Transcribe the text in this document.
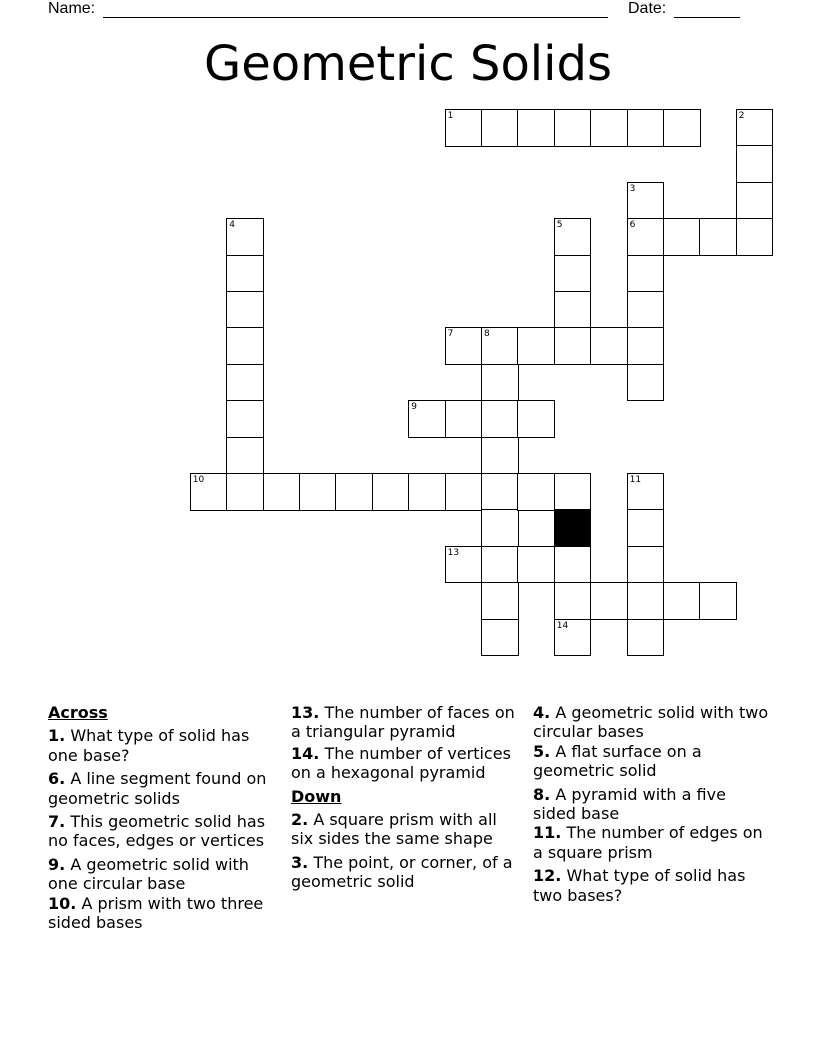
Name:	Date:
Geometric Solids
1	2
3
6
4	5
7	8
9
10
12
14
11
13
Across
1. What type of solid has one base?
6. A line segment found on geometric solids
7. This geometric solid has no faces, edges or vertices
9. A geometric solid with one circular base
10. A prism with two three sided bases
13. The number of faces on a triangular pyramid
14. The number of vertices on a hexagonal pyramid
Down
2. A square prism with all six sides the same shape
3. The point, or corner, of a geometric solid
4. A geometric solid with two circular bases
5. A flat surface on a geometric solid
8. A pyramid with a five sided base
11. The number of edges on a square prism
12. What type of solid has two bases?
